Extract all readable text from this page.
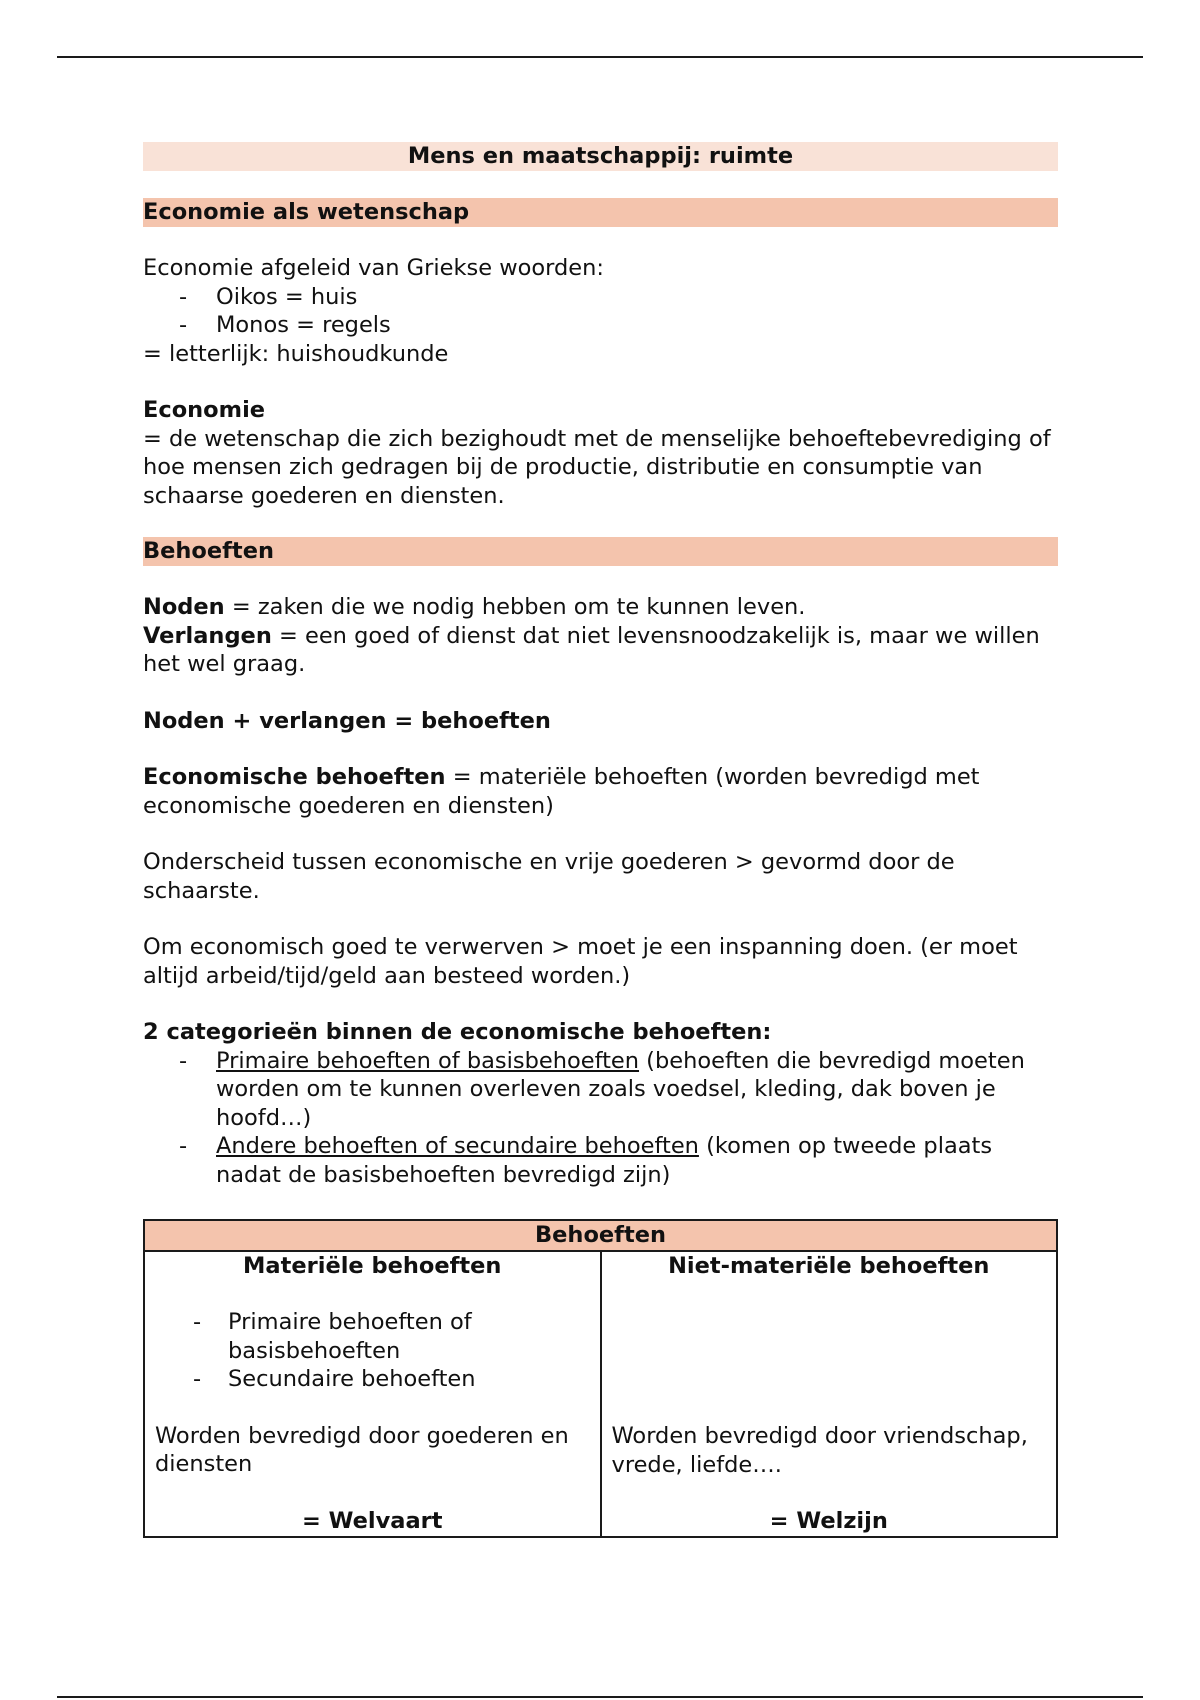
Mens en maatschappij: ruimte
Economie als wetenschap

Economie afgeleid van Griekse woorden:

- Oikos = huis
- Monos = regels

= letterlijk: huishoudkunde

Economie

= de wetenschap die zich bezighoudt met de menselijke behoeftebevrediging of hoe mensen zich gedragen bij de productie, distributie en consumptie van schaarse goederen en diensten.

Behoeften

Noden = zaken die we nodig hebben om te kunnen leven.

Verlangen = een goed of dienst dat niet levensnoodzakelijk is, maar we willen het wel graag.

Noden + verlangen = behoeften

Economische behoeften = materiële behoeften (worden bevredigd met economische goederen en diensten)

Onderscheid tussen economische en vrije goederen > gevormd door de schaarste.

Om economisch goed te verwerven > moet je een inspanning doen. (er moet altijd arbeid/tijd/geld aan besteed worden.)

2 categorieën binnen de economische behoeften:

- Primaire behoeften of basisbehoeften (behoeften die bevredigd moeten worden om te kunnen overleven zoals voedsel, kleding, dak boven je hoofd…)
- Andere behoeften of secundaire behoeften (komen op tweede plaats nadat de basisbehoeften bevredigd zijn)
Behoeften

Materiële behoeften
- Primaire behoeften of basisbehoeften
- Secundaire behoeften
Worden bevredigd door goederen en diensten
= Welvaart

Niet-materiële behoeften
Worden bevredigd door vriendschap, vrede, liefde….
= Welzijn
